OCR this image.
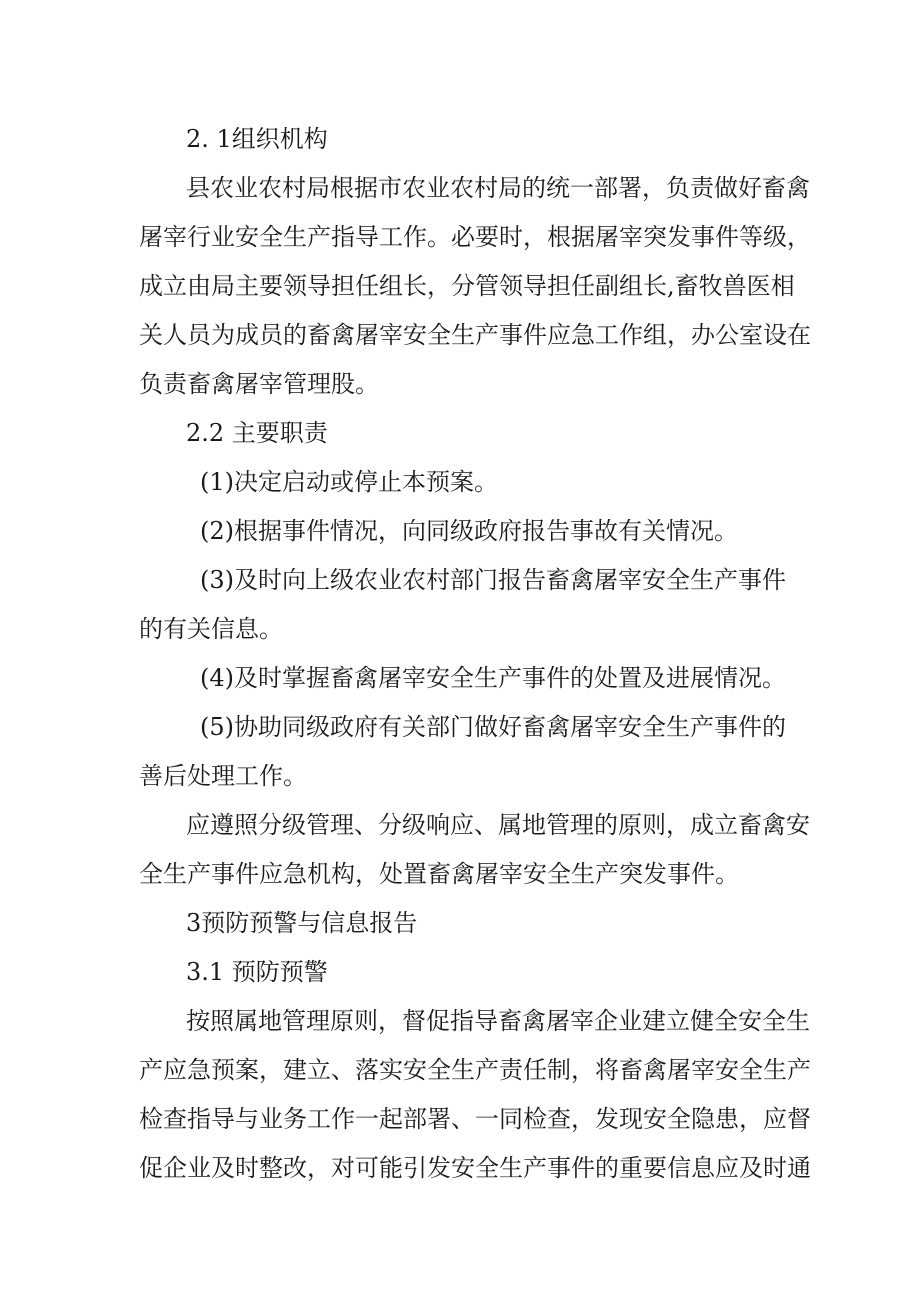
2. 1组织机构
县农业农村局根据市农业农村局的统一部署，负责做好畜禽
屠宰行业安全生产指导工作。必要时，根据屠宰突发事件等级，
成立由局主要领导担任组长，分管领导担任副组长,畜牧兽医相
关人员为成员的畜禽屠宰安全生产事件应急工作组，办公室设在
负责畜禽屠宰管理股。
2.2 主要职责
(1)决定启动或停止本预案。
(2)根据事件情况，向同级政府报告事故有关情况。
(3)及时向上级农业农村部门报告畜禽屠宰安全生产事件
的有关信息。
(4)及时掌握畜禽屠宰安全生产事件的处置及进展情况。
(5)协助同级政府有关部门做好畜禽屠宰安全生产事件的
善后处理工作。
应遵照分级管理、分级响应、属地管理的原则，成立畜禽安
全生产事件应急机构，处置畜禽屠宰安全生产突发事件。
3预防预警与信息报告
3.1 预防预警
按照属地管理原则，督促指导畜禽屠宰企业建立健全安全生
产应急预案，建立、落实安全生产责任制，将畜禽屠宰安全生产
检查指导与业务工作一起部署、一同检查，发现安全隐患，应督
促企业及时整改，对可能引发安全生产事件的重要信息应及时通
